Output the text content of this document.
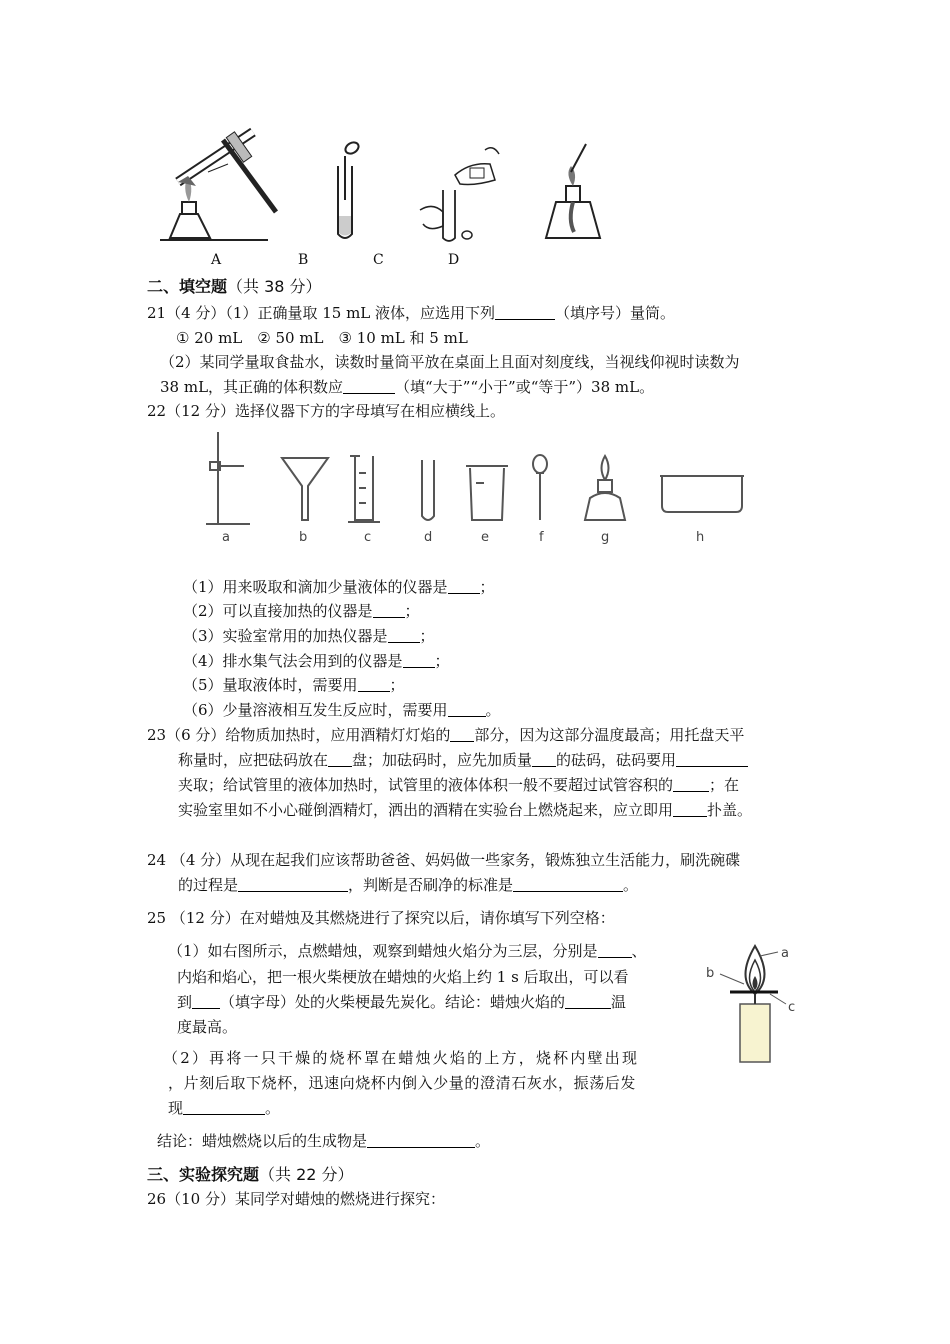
A	B	C	D
二、填空题（共 38 分）
21（4 分）（1）正确量取 15 mL 液体，应选用下列	（填序号）量筒。
① 20 mL　② 50 mL　③ 10 mL 和 5 mL
（2）某同学量取食盐水，读数时量筒平放在桌面上且面对刻度线，当视线仰视时读数为
38 mL，其正确的体积数应	（填“大于”“小于”或“等于”）38 mL。
22（12 分）选择仪器下方的字母填写在相应横线上。
a	b	c	d	e	f	g	h
（1）用来吸取和滴加少量液体的仪器是 ；
（2）可以直接加热的仪器是 ；
（3）实验室常用的加热仪器是 ；
（4）排水集气法会用到的仪器是 ；
（5）量取液体时，需要用 ；
（6）少量溶液相互发生反应时，需要用	。
23（6 分）给物质加热时，应用酒精灯灯焰的 部分，因为这部分温度最高；用托盘天平
称量时，应把砝码放在 盘；加砝码时，应先加质量 的砝码，砝码要用
夹取；给试管里的液体加热时，试管里的液体体积一般不要超过试管容积的 ；在
实验室里如不小心碰倒酒精灯，洒出的酒精在实验台上燃烧起来，应立即用 扑盖。
24 （4 分）从现在起我们应该帮助爸爸、妈妈做一些家务，锻炼独立生活能力，刷洗碗碟
的过程是	，判断是否刷净的标准是	。
25 （12 分）在对蜡烛及其燃烧进行了探究以后，请你填写下列空格：
（1）如右图所示，点燃蜡烛，观察到蜡烛火焰分为三层，分别是 、
内焰和焰心，把一根火柴梗放在蜡烛的火焰上约 1 s 后取出，可以看
到 （填字母）处的火柴梗最先炭化。结论：蜡烛火焰的	温
度最高。
a
b
c
（2）再将一只干燥的烧杯罩在蜡烛火焰的上方，烧杯内壁出现
，片刻后取下烧杯，迅速向烧杯内倒入少量的澄清石灰水，振荡后发
现	。
结论：蜡烛燃烧以后的生成物是	。
三、实验探究题（共 22 分）
26（10 分）某同学对蜡烛的燃烧进行探究：
